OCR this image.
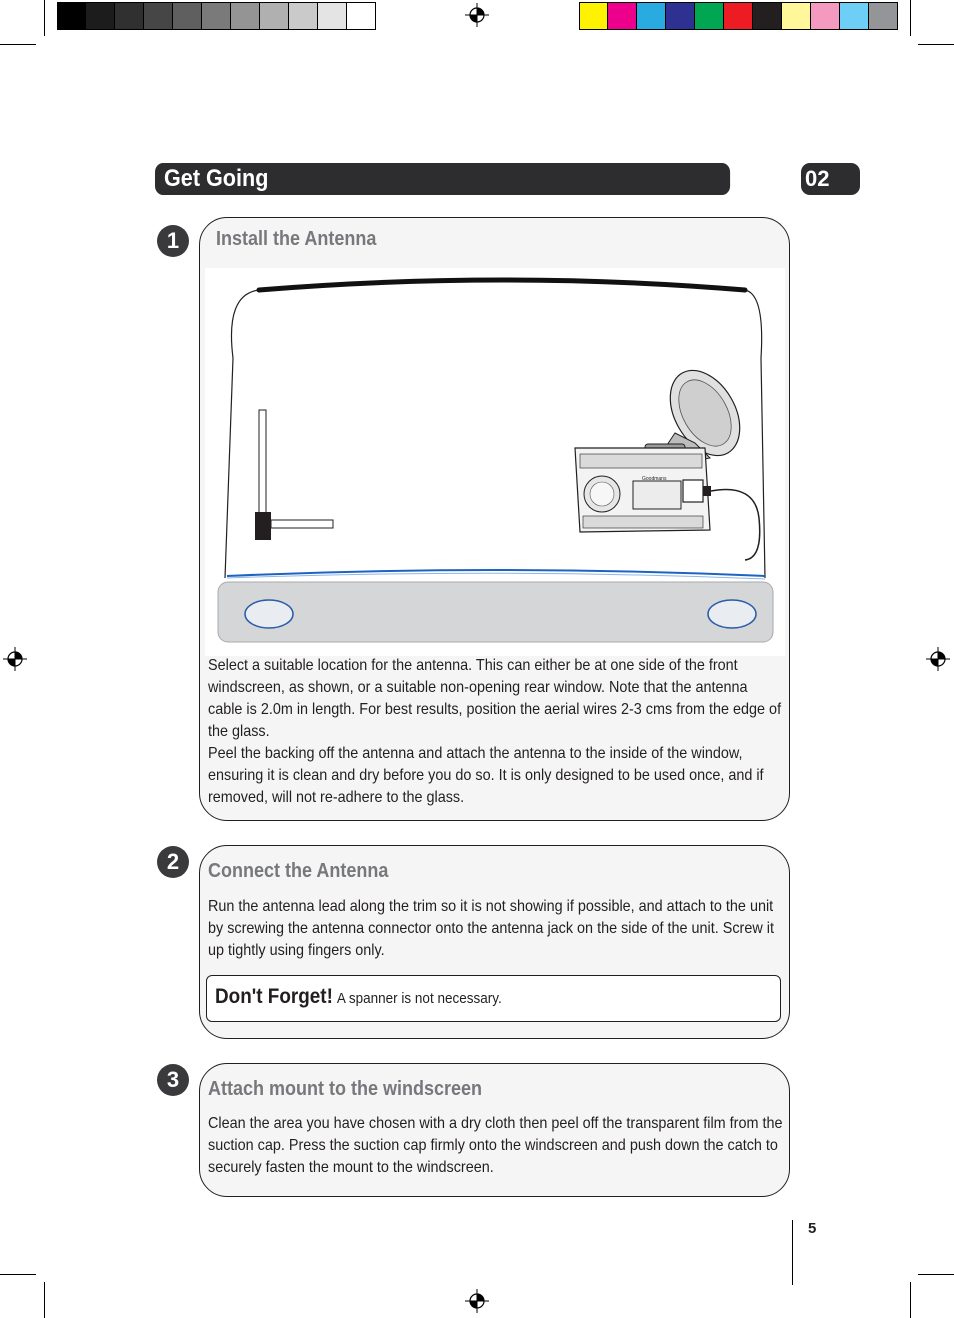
Get Going	02
1	Install the Antenna

Select a suitable location for the antenna. This can either be at one side of the front windscreen, as shown, or a suitable non-opening rear window. Note that the antenna cable is 2.0m in length. For best results, position the aerial wires 2-3 cms from the edge of the glass.

Peel the backing off the antenna and attach the antenna to the inside of the window, ensuring it is clean and dry before you do so. It is only designed to be used once, and if removed, will not re-adhere to the glass.

Goodmans
2	Connect the Antenna

Run the antenna lead along the trim so it is not showing if possible, and attach to the unit by screwing the antenna connector onto the antenna jack on the side of the unit. Screw it up tightly using fingers only.

Don't Forget! A spanner is not necessary.
3	Attach mount to the windscreen

Clean the area you have chosen with a dry cloth then peel off the transparent film from the suction cap. Press the suction cap firmly onto the windscreen and push down the catch to securely fasten the mount to the windscreen.

5
